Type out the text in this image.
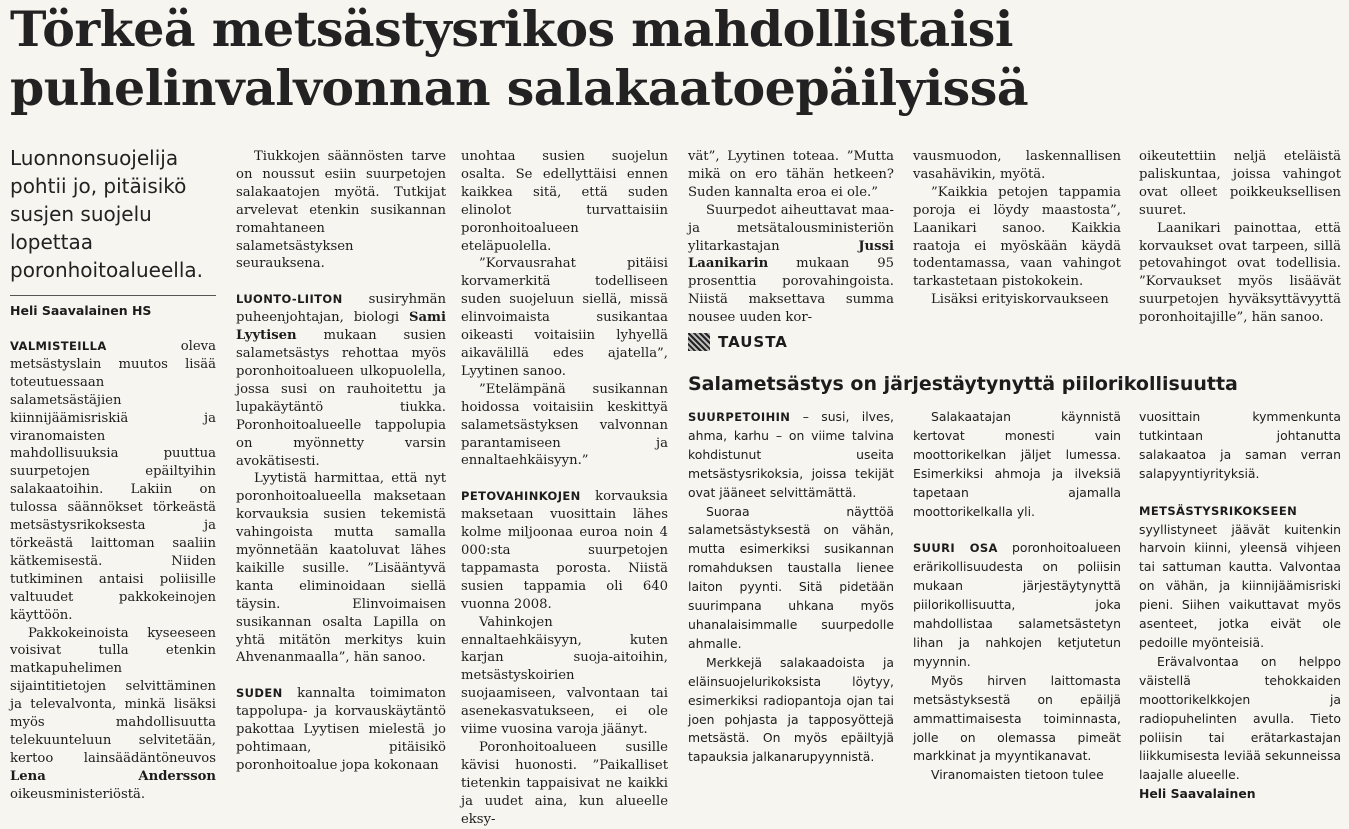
Törkeä metsästysrikos mahdollistaisi
puhelinvalvonnan salakaatoepäilyissä
Luonnonsuojelija
pohtii jo, pitäisikö
susjen suojelu
lopettaa
poronhoitoalueella.
Heli Saavalainen HS

VALMISTEILLA oleva metsästyslain muutos lisää toteutuessaan salametsästäjien kiinnijäämisriskiä ja viranomaisten mahdollisuuksia puuttua suurpetojen epäiltyihin salakaatoihin. Lakiin on tulossa säännökset törkeästä metsästysrikoksesta ja törkeästä laittoman saaliin kätkemisestä. Niiden tutkiminen antaisi poliisille valtuudet pakkokeinojen käyttöön.

Pakkokeinoista kyseeseen voisivat tulla etenkin matkapuhelimen sijaintitietojen selvittäminen ja televalvonta, minkä lisäksi myös mahdollisuutta telekuunteluun selvitetään, kertoo lainsäädäntöneuvos Lena Andersson oikeusministeriöstä.

Tiukkojen säännösten tarve on noussut esiin suurpetojen salakaatojen myötä. Tutkijat arvelevat etenkin susikannan romahtaneen salametsästyksen seurauksena.

LUONTO-LIITON susiryhmän puheenjohtajan, biologi Sami Lyytisen mukaan susien salametsästys rehottaa myös poronhoitoalueen ulkopuolella, jossa susi on rauhoitettu ja lupakäytäntö tiukka. Poronhoitoalueelle tappolupia on myönnetty varsin avokätisesti.

Lyytistä harmittaa, että nyt poronhoitoalueella maksetaan korvauksia susien tekemistä vahingoista mutta samalla myönnetään kaatoluvat lähes kaikille susille. ”Lisääntyvä kanta eliminoidaan siellä täysin. Elinvoimaisen susikannan osalta Lapilla on yhtä mitätön merkitys kuin Ahvenanmaalla”, hän sanoo.

SUDEN kannalta toimimaton tappolupa- ja korvauskäytäntö pakottaa Lyytisen mielestä jo pohtimaan, pitäisikö poronhoitoalue jopa kokonaan

unohtaa susien suojelun osalta. Se edellyttäisi ennen kaikkea sitä, että suden elinolot turvattaisiin poronhoitoalueen eteläpuolella.

”Korvausrahat pitäisi korvamerkitä todelliseen suden suojeluun siellä, missä elinvoimaista susikantaa oikeasti voitaisiin lyhyellä aikavälillä edes ajatella”, Lyytinen sanoo.

”Etelämpänä susikannan hoidossa voitaisiin keskittyä salametsästyksen valvonnan parantamiseen ja ennaltaehkäisyyn.”

PETOVAHINKOJEN korvauksia maksetaan vuosittain lähes kolme miljoonaa euroa noin 4 000:sta suurpetojen tappamasta porosta. Niistä susien tappamia oli 640 vuonna 2008.

Vahinkojen ennaltaehkäisyyn, kuten karjan suoja-aitoihin, metsästyskoirien suojaamiseen, valvontaan tai asenekasvatukseen, ei ole viime vuosina varoja jäänyt.

Poronhoitoalueen susille kävisi huonosti. ”Paikalliset tietenkin tappaisivat ne kaikki ja uudet aina, kun alueelle eksy-

vät”, Lyytinen toteaa. ”Mutta mikä on ero tähän hetkeen? Suden kannalta eroa ei ole.”

Suurpedot aiheuttavat maa- ja metsätalousministeriön ylitarkastajan Jussi Laanikarin mukaan 95 prosenttia porovahingoista. Niistä maksettava summa nousee uuden kor-

vausmuodon, laskennallisen vasahävikin, myötä.

”Kaikkia petojen tappamia poroja ei löydy maastosta”, Laanikari sanoo. Kaikkia raatoja ei myöskään käydä todentamassa, vaan vahingot tarkastetaan pistokokein.

Lisäksi erityiskorvaukseen

oikeutettiin neljä eteläistä paliskuntaa, joissa vahingot ovat olleet poikkeuksellisen suuret.

Laanikari painottaa, että korvaukset ovat tarpeen, sillä petovahingot ovat todellisia. ”Korvaukset myös lisäävät suurpetojen hyväksyttävyyttä poronhoitajille”, hän sanoo.

TAUSTA
Salametsästys on järjestäytynyttä piilorikollisuutta

SUURPETOIHIN – susi, ilves, ahma, karhu – on viime talvina kohdistunut useita metsästysrikoksia, joissa tekijät ovat jääneet selvittämättä.

Suoraa näyttöä salametsästyksestä on vähän, mutta esimerkiksi susikannan romahduksen taustalla lienee laiton pyynti. Sitä pidetään suurimpana uhkana myös uhanalaisimmalle suurpedolle ahmalle.

Merkkejä salakaadoista ja eläinsuojelurikoksista löytyy, esimerkiksi radiopantoja ojan tai joen pohjasta ja tapposyöttejä metsästä. On myös epäiltyjä tapauksia jalkanarupyynnistä.

Salakaatajan käynnistä kertovat monesti vain moottorikelkan jäljet lumessa. Esimerkiksi ahmoja ja ilveksiä tapetaan ajamalla moottorikelkalla yli.

SUURI OSA poronhoitoalueen erärikollisuudesta on poliisin mukaan järjestäytynyttä piilorikollisuutta, joka mahdollistaa salametsästetyn lihan ja nahkojen ketjutetun myynnin.

Myös hirven laittomasta metsästyksestä on epäiljä ammattimaisesta toiminnasta, jolle on olemassa pimeät markkinat ja myyntikanavat.

Viranomaisten tietoon tulee

vuosittain kymmenkunta tutkintaan johtanutta salakaatoa ja saman verran salapyyntiyrityksiä.

METSÄSTYSRIKOKSEEN syyllistyneet jäävät kuitenkin harvoin kiinni, yleensä vihjeen tai sattuman kautta. Valvontaa on vähän, ja kiinnijäämisriski pieni. Siihen vaikuttavat myös asenteet, jotka eivät ole pedoille myönteisiä.

Erävalvontaa on helppo väistellä tehokkaiden moottorikelkkojen ja radiopuhelinten avulla. Tieto poliisin tai erätarkastajan liikkumisesta leviää sekunneissa laajalle alueelle.

Heli Saavalainen
